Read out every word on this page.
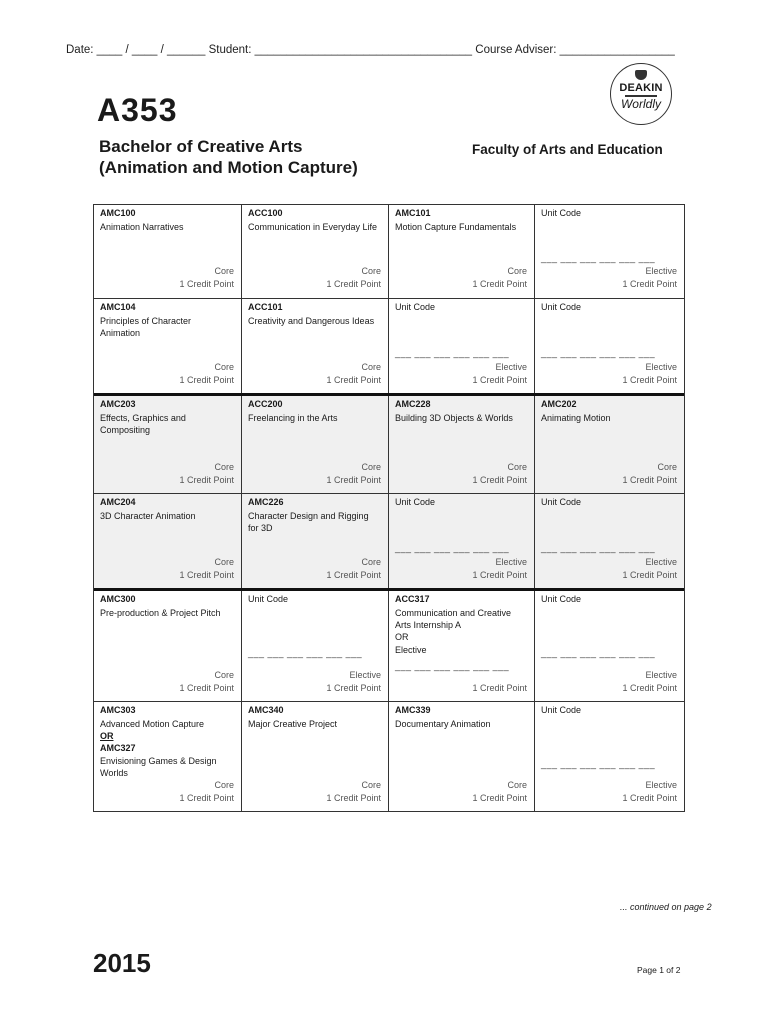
Date: ____ / ____ / ______ Student: __________________________________ Course Adviser: __________________
DEAKIN
Worldly
A353
Bachelor of Creative Arts
(Animation and Motion Capture)
Faculty of Arts and Education
AMC100
Animation Narratives
Core
1 Credit Point
ACC100
Communication in Everyday Life
Core
1 Credit Point
AMC101
Motion Capture Fundamentals
Core
1 Credit Point
Unit Code
___ ___ ___ ___ ___ ___
Elective
1 Credit Point
AMC104
Principles of Character Animation
Core
1 Credit Point
ACC101
Creativity and Dangerous Ideas
Core
1 Credit Point
Unit Code
___ ___ ___ ___ ___ ___
Elective
1 Credit Point
Unit Code
___ ___ ___ ___ ___ ___
Elective
1 Credit Point
AMC203
Effects, Graphics and Compositing
Core
1 Credit Point
ACC200
Freelancing in the Arts
Core
1 Credit Point
AMC228
Building 3D Objects & Worlds
Core
1 Credit Point
AMC202
Animating Motion
Core
1 Credit Point
AMC204
3D Character Animation
Core
1 Credit Point
AMC226
Character Design and Rigging for 3D
Core
1 Credit Point
Unit Code
___ ___ ___ ___ ___ ___
Elective
1 Credit Point
Unit Code
___ ___ ___ ___ ___ ___
Elective
1 Credit Point
AMC300
Pre-production & Project Pitch
Core
1 Credit Point
Unit Code
___ ___ ___ ___ ___ ___
Elective
1 Credit Point
ACC317
Communication and Creative Arts Internship A
OR
Elective
___ ___ ___ ___ ___ ___
1 Credit Point
Unit Code
___ ___ ___ ___ ___ ___
Elective
1 Credit Point
AMC303
Advanced Motion Capture
OR
AMC327
Envisioning Games & Design Worlds
Core
1 Credit Point
AMC340
Major Creative Project
Core
1 Credit Point
AMC339
Documentary Animation
Core
1 Credit Point
Unit Code
___ ___ ___ ___ ___ ___
Elective
1 Credit Point
... continued on page 2
2015	Page 1 of 2
